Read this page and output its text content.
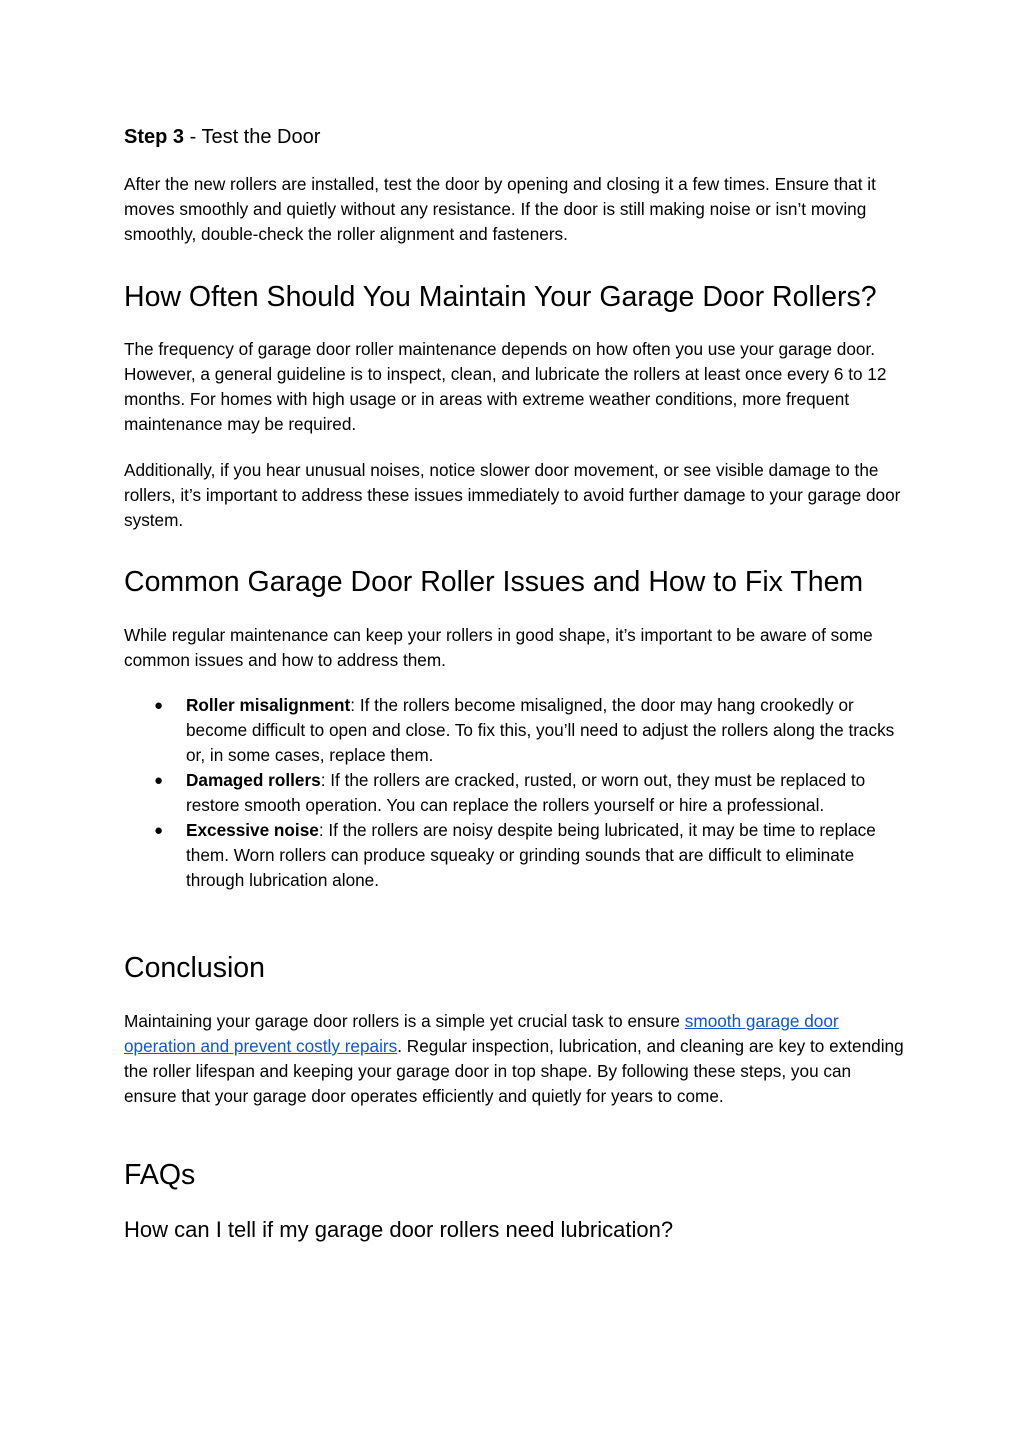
Step 3 - Test the Door

After the new rollers are installed, test the door by opening and closing it a few times. Ensure that it moves smoothly and quietly without any resistance. If the door is still making noise or isn’t moving smoothly, double-check the roller alignment and fasteners.

How Often Should You Maintain Your Garage Door Rollers?

The frequency of garage door roller maintenance depends on how often you use your garage door. However, a general guideline is to inspect, clean, and lubricate the rollers at least once every 6 to 12 months. For homes with high usage or in areas with extreme weather conditions, more frequent maintenance may be required.

Additionally, if you hear unusual noises, notice slower door movement, or see visible damage to the rollers, it’s important to address these issues immediately to avoid further damage to your garage door system.

Common Garage Door Roller Issues and How to Fix Them

While regular maintenance can keep your rollers in good shape, it’s important to be aware of some common issues and how to address them.

● Roller misalignment: If the rollers become misaligned, the door may hang crookedly or become difficult to open and close. To fix this, you’ll need to adjust the rollers along the tracks or, in some cases, replace them.
● Damaged rollers: If the rollers are cracked, rusted, or worn out, they must be replaced to restore smooth operation. You can replace the rollers yourself or hire a professional.
● Excessive noise: If the rollers are noisy despite being lubricated, it may be time to replace them. Worn rollers can produce squeaky or grinding sounds that are difficult to eliminate through lubrication alone.
Conclusion

Maintaining your garage door rollers is a simple yet crucial task to ensure smooth garage door operation and prevent costly repairs. Regular inspection, lubrication, and cleaning are key to extending the roller lifespan and keeping your garage door in top shape. By following these steps, you can ensure that your garage door operates efficiently and quietly for years to come.

FAQs
How can I tell if my garage door rollers need lubrication?
